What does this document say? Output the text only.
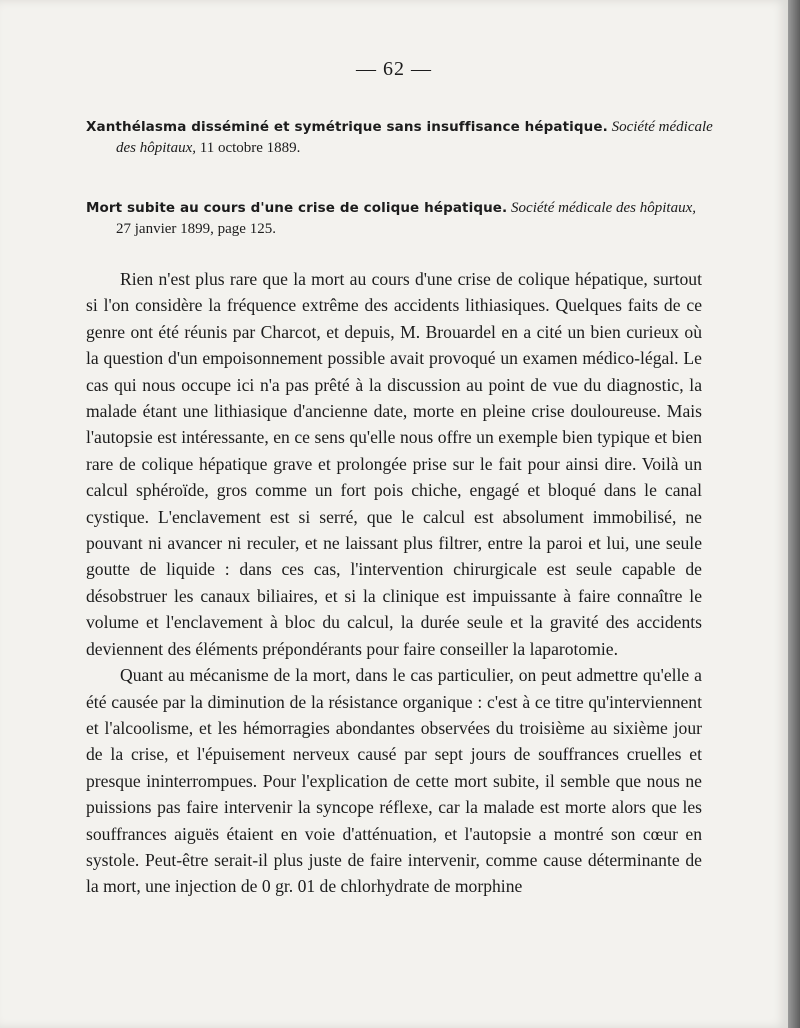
— 62 —
Xanthélasma disséminé et symétrique sans insuffisance hépatique. Société médicale
des hôpitaux, 11 octobre 1889.
Mort subite au cours d'une crise de colique hépatique. Société médicale des hôpitaux,
27 janvier 1899, page 125.

Rien n'est plus rare que la mort au cours d'une crise de colique hépatique, surtout si l'on considère la fréquence extrême des accidents lithiasiques. Quelques faits de ce genre ont été réunis par Charcot, et depuis, M. Brouardel en a cité un bien curieux où la question d'un empoisonnement possible avait provoqué un examen médico-légal. Le cas qui nous occupe ici n'a pas prêté à la discussion au point de vue du diagnostic, la malade étant une lithiasique d'ancienne date, morte en pleine crise douloureuse. Mais l'autopsie est intéressante, en ce sens qu'elle nous offre un exemple bien typique et bien rare de colique hépatique grave et prolongée prise sur le fait pour ainsi dire. Voilà un calcul sphéroïde, gros comme un fort pois chiche, engagé et bloqué dans le canal cystique. L'enclavement est si serré, que le calcul est absolument immobilisé, ne pouvant ni avancer ni reculer, et ne laissant plus filtrer, entre la paroi et lui, une seule goutte de liquide : dans ces cas, l'intervention chirurgicale est seule capable de désobstruer les canaux biliaires, et si la clinique est impuissante à faire connaître le volume et l'enclavement à bloc du calcul, la durée seule et la gravité des accidents deviennent des éléments prépondérants pour faire conseiller la laparotomie.

Quant au mécanisme de la mort, dans le cas particulier, on peut admettre qu'elle a été causée par la diminution de la résistance organique : c'est à ce titre qu'interviennent et l'alcoolisme, et les hémorragies abondantes observées du troisième au sixième jour de la crise, et l'épuisement nerveux causé par sept jours de souffrances cruelles et presque ininterrompues. Pour l'explication de cette mort subite, il semble que nous ne puissions pas faire intervenir la syncope réflexe, car la malade est morte alors que les souffrances aiguës étaient en voie d'atténuation, et l'autopsie a montré son cœur en systole. Peut-être serait-il plus juste de faire intervenir, comme cause déterminante de la mort, une injection de 0 gr. 01 de chlorhydrate de morphine
